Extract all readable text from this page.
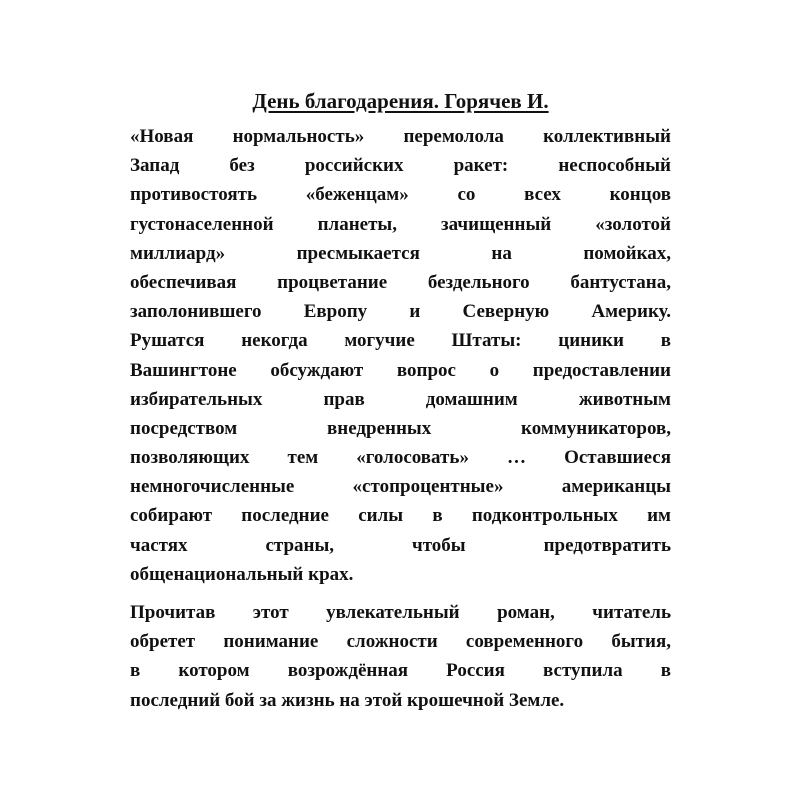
День благодарения. Горячев И.
«Новая нормальность» перемолола коллективный
Запад без российских ракет: неспособный
противостоять «беженцам» со всех концов
густонаселенной планеты, зачищенный «золотой
миллиард» пресмыкается на помойках,
обеспечивая процветание бездельного бантустана,
заполонившего Европу и Северную Америку.
Рушатся некогда могучие Штаты: циники в
Вашингтоне обсуждают вопрос о предоставлении
избирательных прав домашним животным
посредством внедренных коммуникаторов,
позволяющих тем «голосовать» … Оставшиеся
немногочисленные «стопроцентные» американцы
собирают последние силы в подконтрольных им
частях страны, чтобы предотвратить
общенациональный крах.
Прочитав этот увлекательный роман, читатель
обретет понимание сложности современного бытия,
в котором возрождённая Россия вступила в
последний бой за жизнь на этой крошечной Земле.
